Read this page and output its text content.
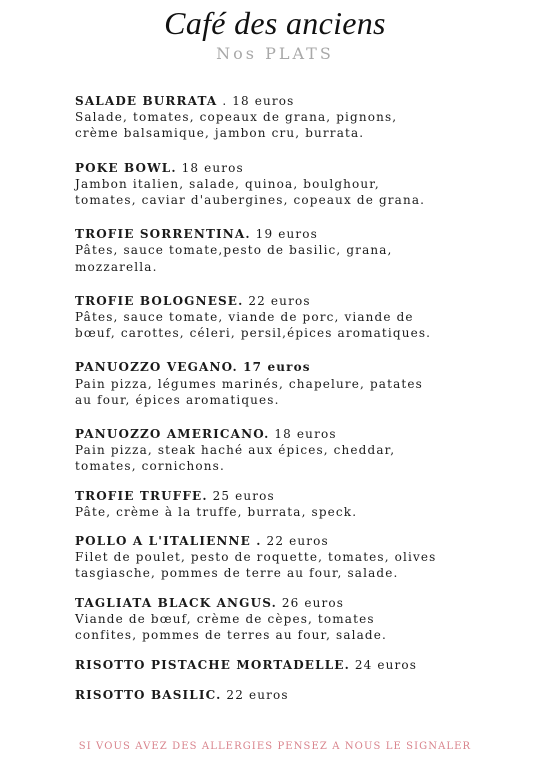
Café des anciens
Nos PLATS
SALADE BURRATA . 18 euros
Salade, tomates, copeaux de grana, pignons,
crème balsamique, jambon cru, burrata.
POKE BOWL. 18 euros
Jambon italien, salade, quinoa, boulghour,
tomates, caviar d'aubergines, copeaux de grana.
TROFIE SORRENTINA. 19 euros
Pâtes, sauce tomate,pesto de basilic, grana,
mozzarella.
TROFIE BOLOGNESE. 22 euros
Pâtes, sauce tomate, viande de porc, viande de
bœuf, carottes, céleri, persil,épices aromatiques.
PANUOZZO VEGANO. 17 euros
Pain pizza, légumes marinés, chapelure, patates
au four, épices aromatiques.
PANUOZZO AMERICANO. 18 euros
Pain pizza, steak haché aux épices, cheddar,
tomates, cornichons.
TROFIE TRUFFE. 25 euros
Pâte, crème à la truffe, burrata, speck.
POLLO A L'ITALIENNE . 22 euros
Filet de poulet, pesto de roquette, tomates, olives
tasgiasche, pommes de terre au four, salade.
TAGLIATA BLACK ANGUS. 26 euros
Viande de bœuf, crème de cèpes, tomates
confites, pommes de terres au four, salade.
RISOTTO PISTACHE MORTADELLE. 24 euros
RISOTTO BASILIC. 22 euros
SI VOUS AVEZ DES ALLERGIES PENSEZ A NOUS LE SIGNALER
